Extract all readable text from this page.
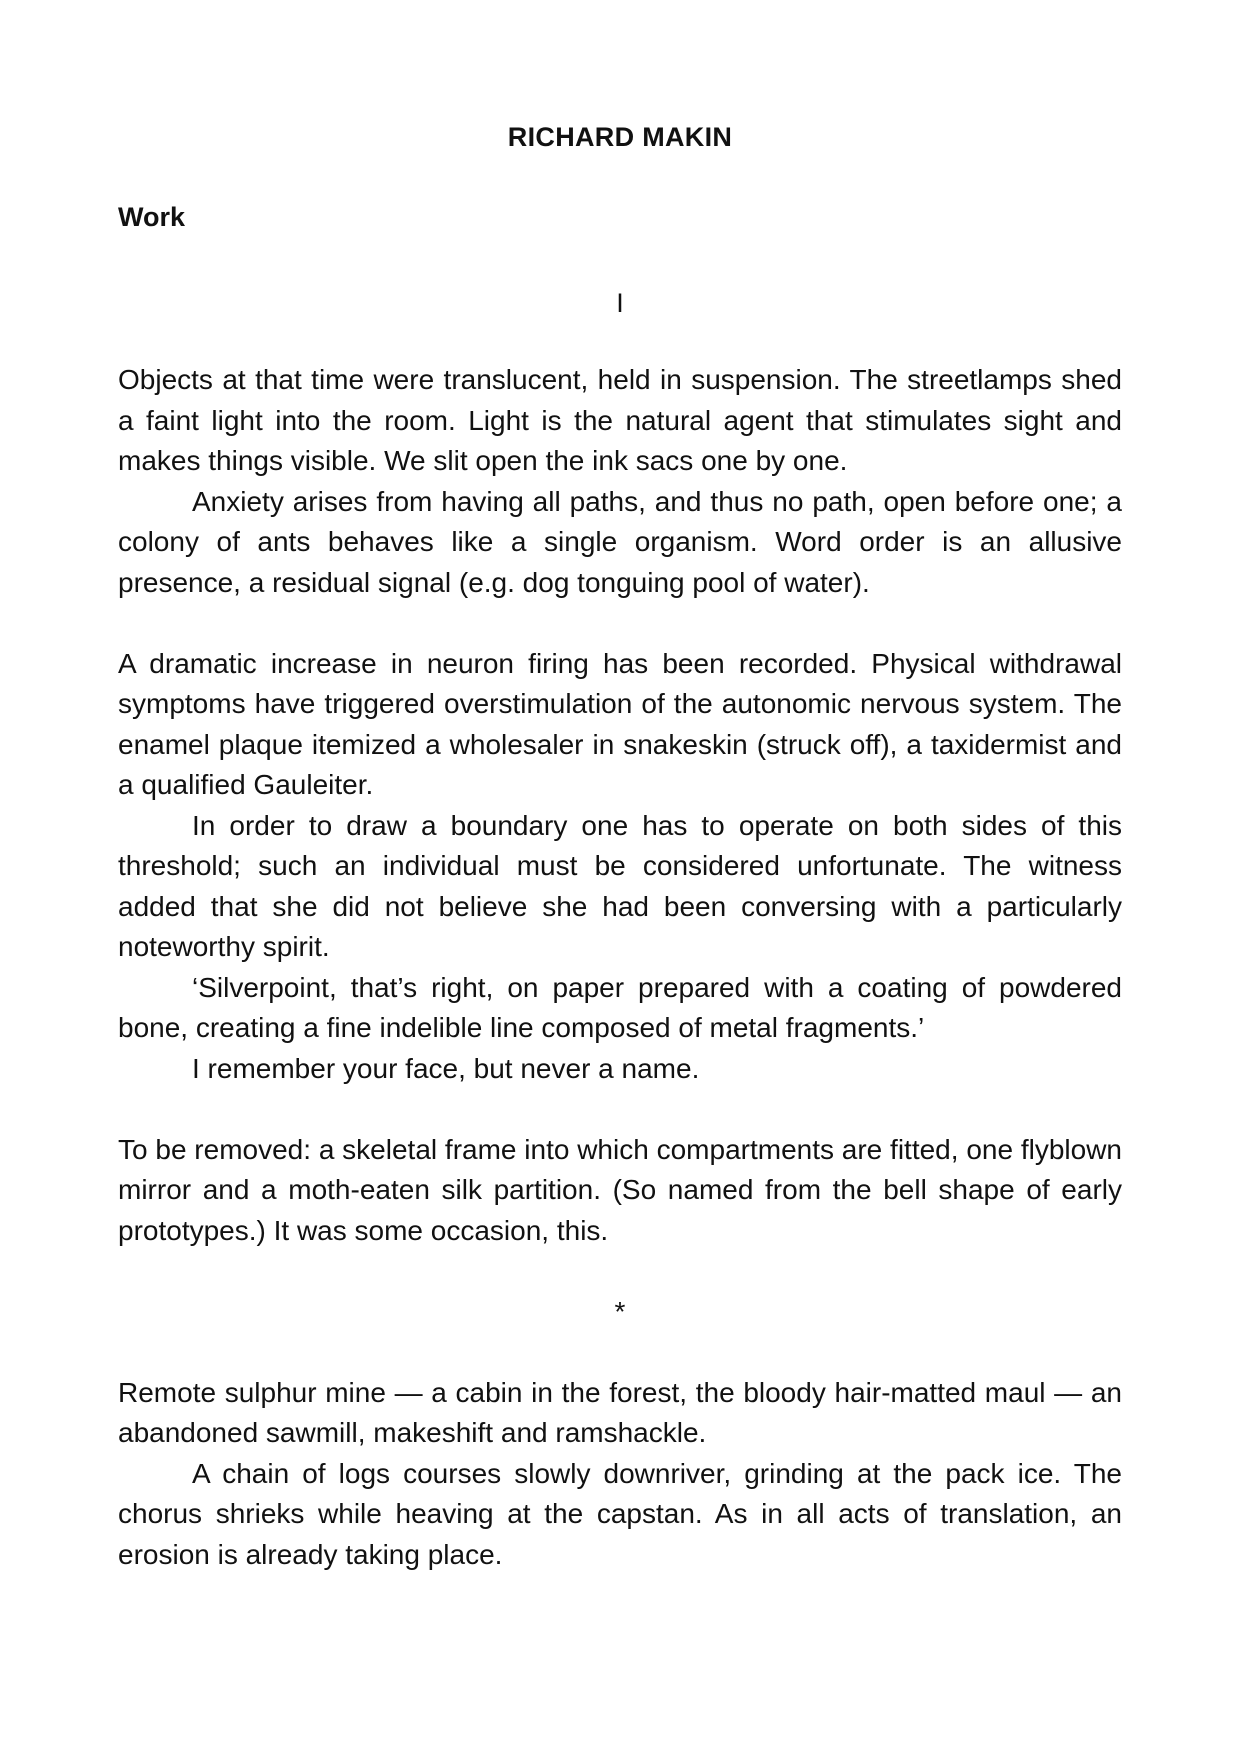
RICHARD MAKIN
Work
I

Objects at that time were translucent, held in suspension. The streetlamps shed a faint light into the room. Light is the natural agent that stimulates sight and makes things visible. We slit open the ink sacs one by one.

Anxiety arises from having all paths, and thus no path, open before one; a colony of ants behaves like a single organism. Word order is an allusive presence, a residual signal (e.g. dog tonguing pool of water).

A dramatic increase in neuron firing has been recorded. Physical withdrawal symptoms have triggered overstimulation of the autonomic nervous system. The enamel plaque itemized a wholesaler in snakeskin (struck off), a taxidermist and a qualified Gauleiter.

In order to draw a boundary one has to operate on both sides of this threshold; such an individual must be considered unfortunate. The witness added that she did not believe she had been conversing with a particularly noteworthy spirit.

‘Silverpoint, that’s right, on paper prepared with a coating of powdered bone, creating a fine indelible line composed of metal fragments.’

I remember your face, but never a name.

To be removed: a skeletal frame into which compartments are fitted, one flyblown mirror and a moth-eaten silk partition. (So named from the bell shape of early prototypes.) It was some occasion, this.

*

Remote sulphur mine — a cabin in the forest, the bloody hair-matted maul — an abandoned sawmill, makeshift and ramshackle.

A chain of logs courses slowly downriver, grinding at the pack ice. The chorus shrieks while heaving at the capstan. As in all acts of translation, an erosion is already taking place.
